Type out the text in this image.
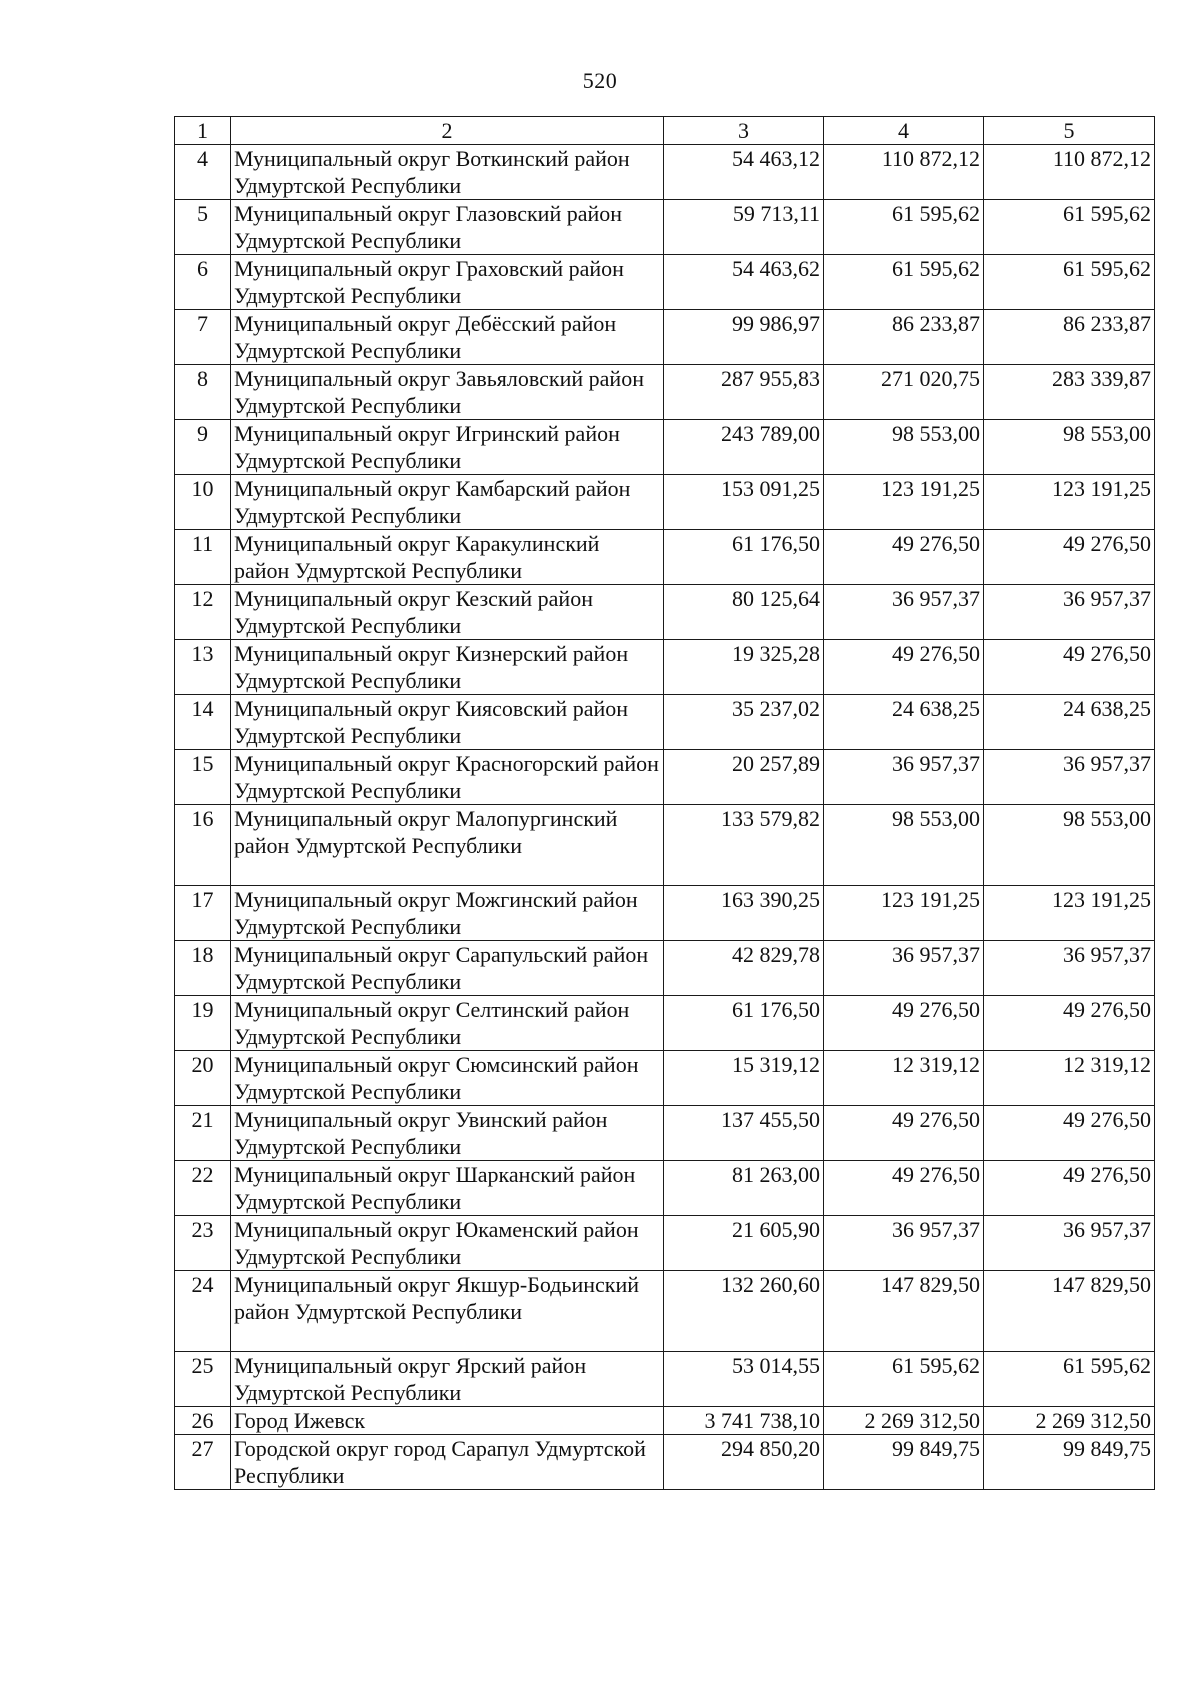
520
1	2	3	4	5
4	Муниципальный округ Воткинский район Удмуртской Республики	54 463,12	110 872,12	110 872,12
5	Муниципальный округ Глазовский район Удмуртской Республики	59 713,11	61 595,62	61 595,62
6	Муниципальный округ Граховский район Удмуртской Республики	54 463,62	61 595,62	61 595,62
7	Муниципальный округ Дебёсский район Удмуртской Республики	99 986,97	86 233,87	86 233,87
8	Муниципальный округ Завьяловский район Удмуртской Республики	287 955,83	271 020,75	283 339,87
9	Муниципальный округ Игринский район Удмуртской Республики	243 789,00	98 553,00	98 553,00
10	Муниципальный округ Камбарский район Удмуртской Республики	153 091,25	123 191,25	123 191,25
11	Муниципальный округ Каракулинский район Удмуртской Республики	61 176,50	49 276,50	49 276,50
12	Муниципальный округ Кезский район Удмуртской Республики	80 125,64	36 957,37	36 957,37
13	Муниципальный округ Кизнерский район Удмуртской Республики	19 325,28	49 276,50	49 276,50
14	Муниципальный округ Киясовский район Удмуртской Республики	35 237,02	24 638,25	24 638,25
15	Муниципальный округ Красногорский район Удмуртской Республики	20 257,89	36 957,37	36 957,37
16	Муниципальный округ Малопургинский район Удмуртской Республики	133 579,82	98 553,00	98 553,00
17	Муниципальный округ Можгинский район Удмуртской Республики	163 390,25	123 191,25	123 191,25
18	Муниципальный округ Сарапульский район Удмуртской Республики	42 829,78	36 957,37	36 957,37
19	Муниципальный округ Селтинский район Удмуртской Республики	61 176,50	49 276,50	49 276,50
20	Муниципальный округ Сюмсинский район Удмуртской Республики	15 319,12	12 319,12	12 319,12
21	Муниципальный округ Увинский район Удмуртской Республики	137 455,50	49 276,50	49 276,50
22	Муниципальный округ Шарканский район Удмуртской Республики	81 263,00	49 276,50	49 276,50
23	Муниципальный округ Юкаменский район Удмуртской Республики	21 605,90	36 957,37	36 957,37
24	Муниципальный округ Якшур-Бодьинский район Удмуртской Республики	132 260,60	147 829,50	147 829,50
25	Муниципальный округ Ярский район Удмуртской Республики	53 014,55	61 595,62	61 595,62
26	Город Ижевск	3 741 738,10	2 269 312,50	2 269 312,50
27	Городской округ город Сарапул Удмуртской Республики	294 850,20	99 849,75	99 849,75
